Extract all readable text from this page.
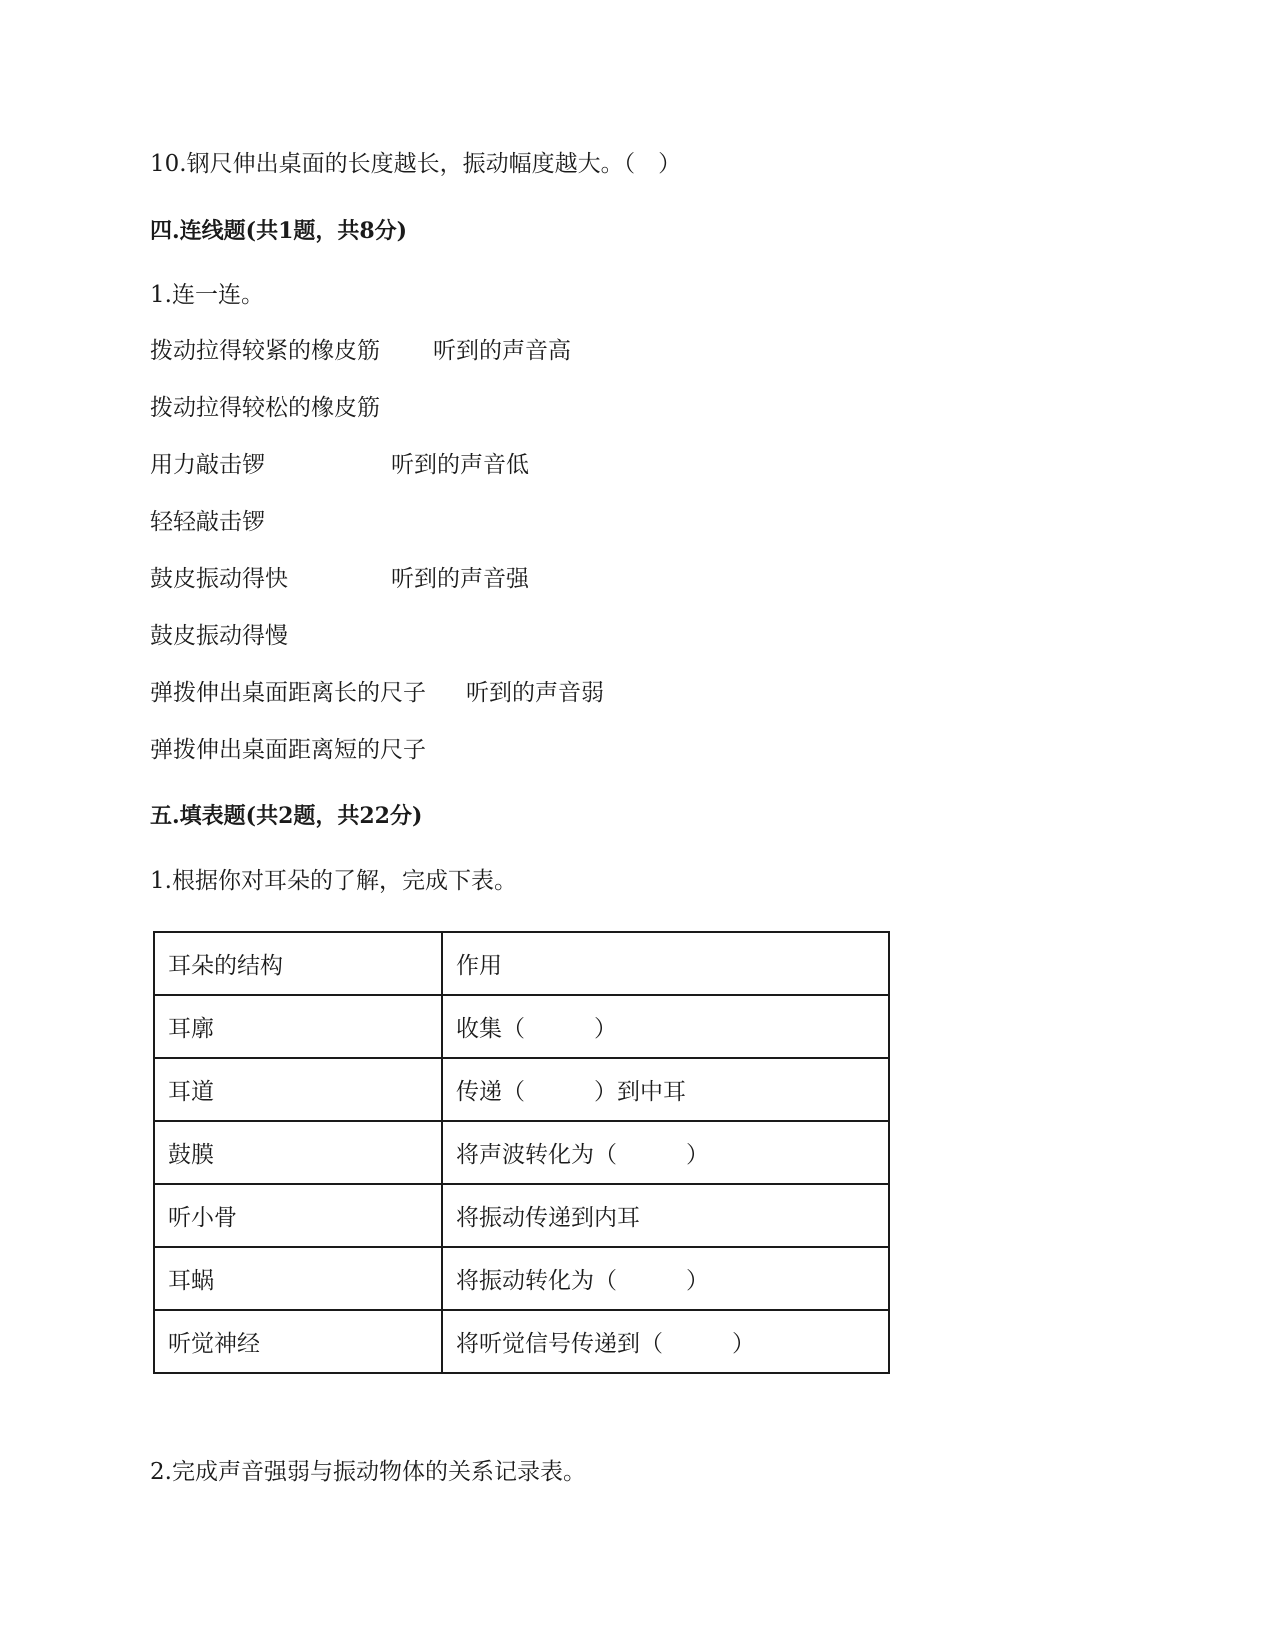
10.钢尺伸出桌面的长度越长，振动幅度越大。（　）
四.连线题(共1题，共8分)
1.连一连。
拨动拉得较紧的橡皮筋 听到的声音高
拨动拉得较松的橡皮筋
用力敲击锣	听到的声音低
轻轻敲击锣
鼓皮振动得快	听到的声音强
鼓皮振动得慢
弹拨伸出桌面距离长的尺子 听到的声音弱
弹拨伸出桌面距离短的尺子
五.填表题(共2题，共22分)
1.根据你对耳朵的了解，完成下表。
耳朵的结构	作用
耳廓	收集（　　　）
耳道	传递（　　　）到中耳
鼓膜	将声波转化为（　　　）
听小骨	将振动传递到内耳
耳蜗	将振动转化为（　　　）
听觉神经	将听觉信号传递到（　　　）
2.完成声音强弱与振动物体的关系记录表。
